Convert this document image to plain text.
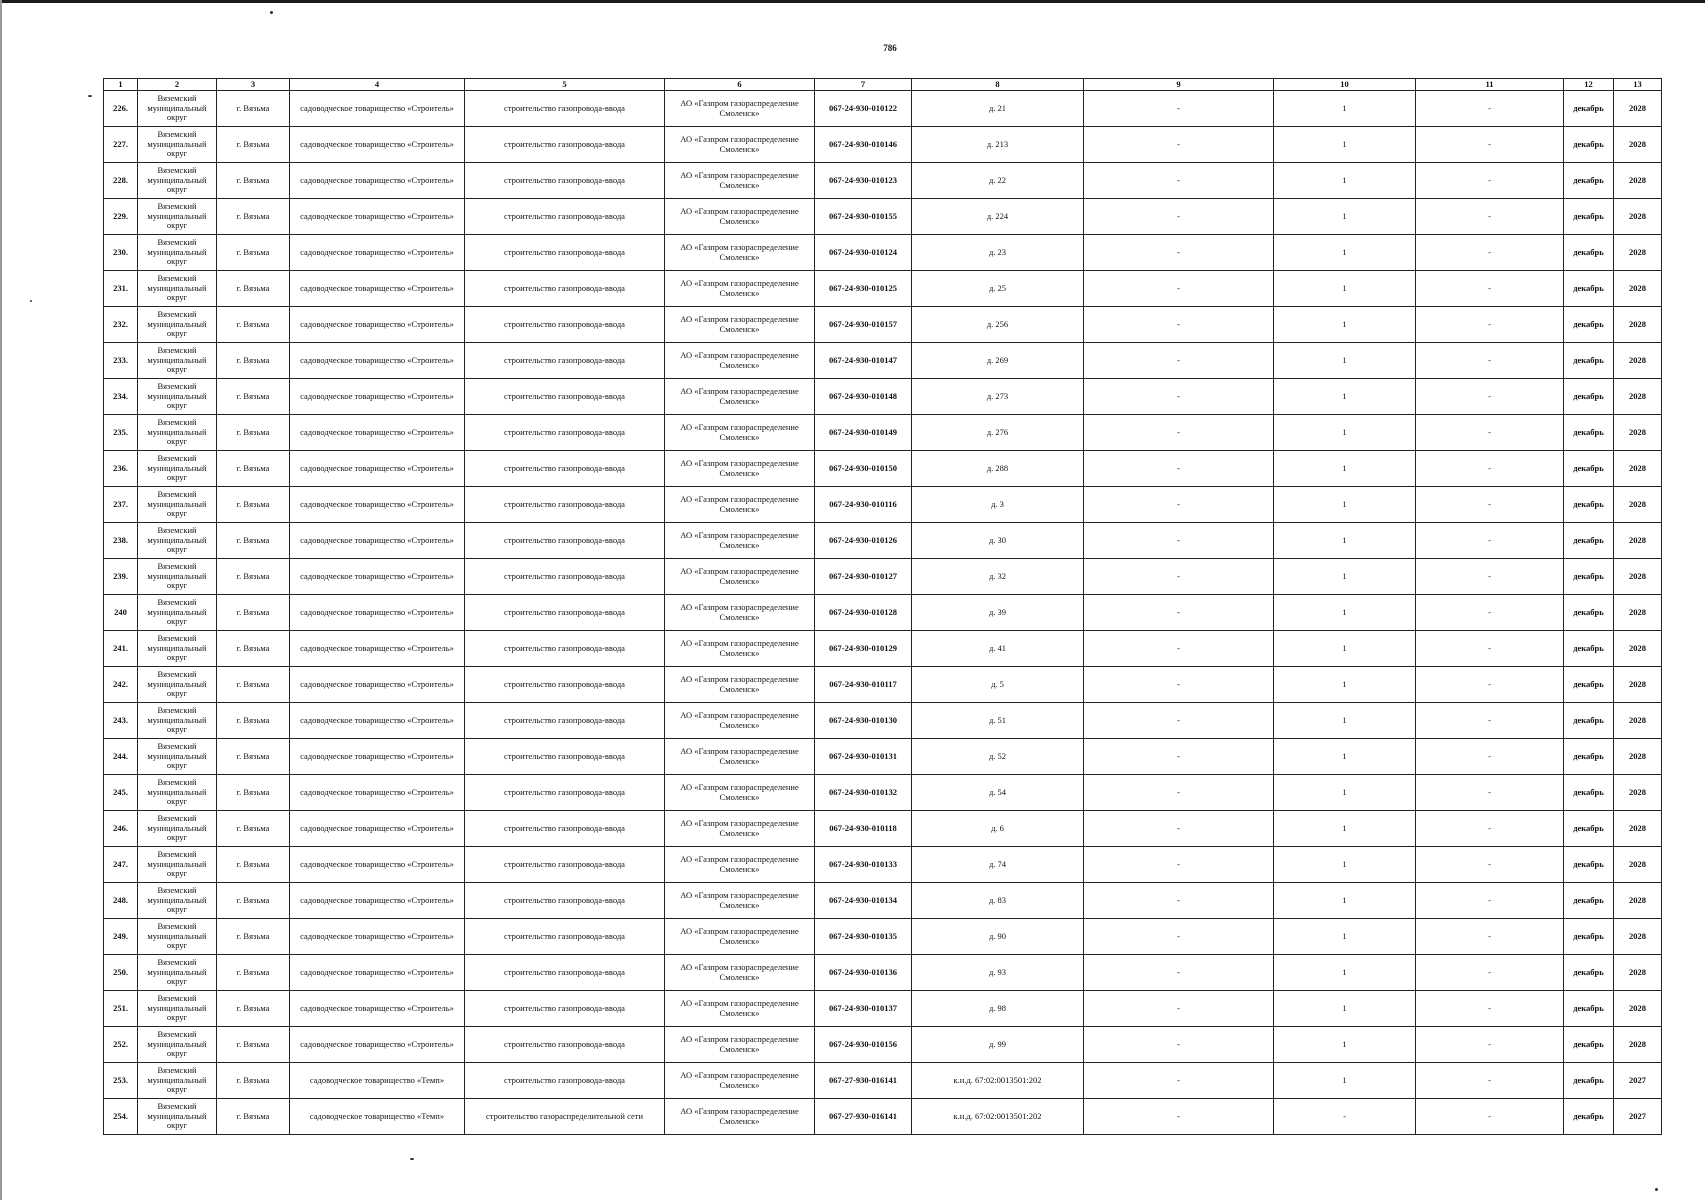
786
1	2	3	4	5	6	7	8	9	10	11	12	13
226.	Вяземский муниципальный округ	г. Вязьма	садоводческое товарищество «Строитель»	строительство газопровода-ввода	АО «Газпром газораспределение Смоленск»	067-24-930-010122	д. 21	-	1	-	декабрь	2028
227.	Вяземский муниципальный округ	г. Вязьма	садоводческое товарищество «Строитель»	строительство газопровода-ввода	АО «Газпром газораспределение Смоленск»	067-24-930-010146	д. 213	-	1	-	декабрь	2028
228.	Вяземский муниципальный округ	г. Вязьма	садоводческое товарищество «Строитель»	строительство газопровода-ввода	АО «Газпром газораспределение Смоленск»	067-24-930-010123	д. 22	-	1	-	декабрь	2028
229.	Вяземский муниципальный округ	г. Вязьма	садоводческое товарищество «Строитель»	строительство газопровода-ввода	АО «Газпром газораспределение Смоленск»	067-24-930-010155	д. 224	-	1	-	декабрь	2028
230.	Вяземский муниципальный округ	г. Вязьма	садоводческое товарищество «Строитель»	строительство газопровода-ввода	АО «Газпром газораспределение Смоленск»	067-24-930-010124	д. 23	-	1	-	декабрь	2028
231.	Вяземский муниципальный округ	г. Вязьма	садоводческое товарищество «Строитель»	строительство газопровода-ввода	АО «Газпром газораспределение Смоленск»	067-24-930-010125	д. 25	-	1	-	декабрь	2028
232.	Вяземский муниципальный округ	г. Вязьма	садоводческое товарищество «Строитель»	строительство газопровода-ввода	АО «Газпром газораспределение Смоленск»	067-24-930-010157	д. 256	-	1	-	декабрь	2028
233.	Вяземский муниципальный округ	г. Вязьма	садоводческое товарищество «Строитель»	строительство газопровода-ввода	АО «Газпром газораспределение Смоленск»	067-24-930-010147	д. 269	-	1	-	декабрь	2028
234.	Вяземский муниципальный округ	г. Вязьма	садоводческое товарищество «Строитель»	строительство газопровода-ввода	АО «Газпром газораспределение Смоленск»	067-24-930-010148	д. 273	-	1	-	декабрь	2028
235.	Вяземский муниципальный округ	г. Вязьма	садоводческое товарищество «Строитель»	строительство газопровода-ввода	АО «Газпром газораспределение Смоленск»	067-24-930-010149	д. 276	-	1	-	декабрь	2028
236.	Вяземский муниципальный округ	г. Вязьма	садоводческое товарищество «Строитель»	строительство газопровода-ввода	АО «Газпром газораспределение Смоленск»	067-24-930-010150	д. 288	-	1	-	декабрь	2028
237.	Вяземский муниципальный округ	г. Вязьма	садоводческое товарищество «Строитель»	строительство газопровода-ввода	АО «Газпром газораспределение Смоленск»	067-24-930-010116	д. 3	-	1	-	декабрь	2028
238.	Вяземский муниципальный округ	г. Вязьма	садоводческое товарищество «Строитель»	строительство газопровода-ввода	АО «Газпром газораспределение Смоленск»	067-24-930-010126	д. 30	-	1	-	декабрь	2028
239.	Вяземский муниципальный округ	г. Вязьма	садоводческое товарищество «Строитель»	строительство газопровода-ввода	АО «Газпром газораспределение Смоленск»	067-24-930-010127	д. 32	-	1	-	декабрь	2028
240	Вяземский муниципальный округ	г. Вязьма	садоводческое товарищество «Строитель»	строительство газопровода-ввода	АО «Газпром газораспределение Смоленск»	067-24-930-010128	д. 39	-	1	-	декабрь	2028
241.	Вяземский муниципальный округ	г. Вязьма	садоводческое товарищество «Строитель»	строительство газопровода-ввода	АО «Газпром газораспределение Смоленск»	067-24-930-010129	д. 41	-	1	-	декабрь	2028
242.	Вяземский муниципальный округ	г. Вязьма	садоводческое товарищество «Строитель»	строительство газопровода-ввода	АО «Газпром газораспределение Смоленск»	067-24-930-010117	д. 5	-	1	-	декабрь	2028
243.	Вяземский муниципальный округ	г. Вязьма	садоводческое товарищество «Строитель»	строительство газопровода-ввода	АО «Газпром газораспределение Смоленск»	067-24-930-010130	д. 51	-	1	-	декабрь	2028
244.	Вяземский муниципальный округ	г. Вязьма	садоводческое товарищество «Строитель»	строительство газопровода-ввода	АО «Газпром газораспределение Смоленск»	067-24-930-010131	д. 52	-	1	-	декабрь	2028
245.	Вяземский муниципальный округ	г. Вязьма	садоводческое товарищество «Строитель»	строительство газопровода-ввода	АО «Газпром газораспределение Смоленск»	067-24-930-010132	д. 54	-	1	-	декабрь	2028
246.	Вяземский муниципальный округ	г. Вязьма	садоводческое товарищество «Строитель»	строительство газопровода-ввода	АО «Газпром газораспределение Смоленск»	067-24-930-010118	д. 6	-	1	-	декабрь	2028
247.	Вяземский муниципальный округ	г. Вязьма	садоводческое товарищество «Строитель»	строительство газопровода-ввода	АО «Газпром газораспределение Смоленск»	067-24-930-010133	д. 74	-	1	-	декабрь	2028
248.	Вяземский муниципальный округ	г. Вязьма	садоводческое товарищество «Строитель»	строительство газопровода-ввода	АО «Газпром газораспределение Смоленск»	067-24-930-010134	д. 83	-	1	-	декабрь	2028
249.	Вяземский муниципальный округ	г. Вязьма	садоводческое товарищество «Строитель»	строительство газопровода-ввода	АО «Газпром газораспределение Смоленск»	067-24-930-010135	д. 90	-	1	-	декабрь	2028
250.	Вяземский муниципальный округ	г. Вязьма	садоводческое товарищество «Строитель»	строительство газопровода-ввода	АО «Газпром газораспределение Смоленск»	067-24-930-010136	д. 93	-	1	-	декабрь	2028
251.	Вяземский муниципальный округ	г. Вязьма	садоводческое товарищество «Строитель»	строительство газопровода-ввода	АО «Газпром газораспределение Смоленск»	067-24-930-010137	д. 98	-	1	-	декабрь	2028
252.	Вяземский муниципальный округ	г. Вязьма	садоводческое товарищество «Строитель»	строительство газопровода-ввода	АО «Газпром газораспределение Смоленск»	067-24-930-010156	д. 99	-	1	-	декабрь	2028
253.	Вяземский муниципальный округ	г. Вязьма	садоводческое товарищество «Темп»	строительство газопровода-ввода	АО «Газпром газораспределение Смоленск»	067-27-930-016141	к.н.д. 67:02:0013501:202	-	1	-	декабрь	2027
254.	Вяземский муниципальный округ	г. Вязьма	садоводческое товарищество «Темп»	строительство газораспределительной сети	АО «Газпром газораспределение Смоленск»	067-27-930-016141	к.н.д. 67:02:0013501:202	-	-	-	декабрь	2027
